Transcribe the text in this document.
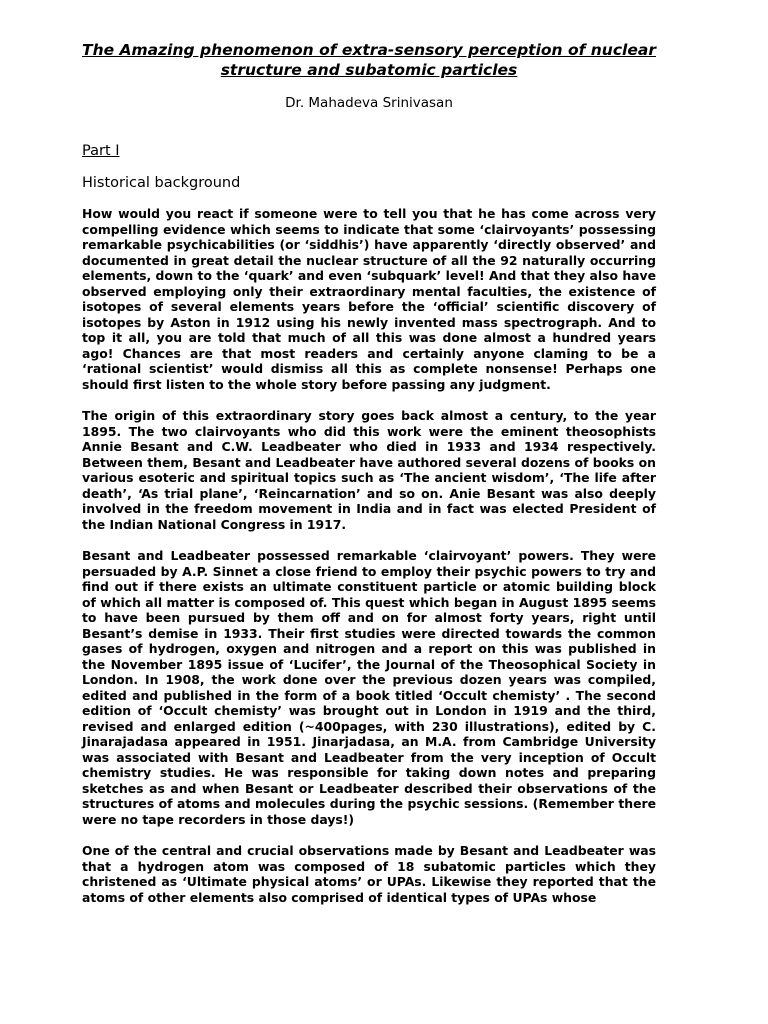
The Amazing phenomenon of extra-sensory perception of nuclear structure and subatomic particles
Dr. Mahadeva Srinivasan
Part I
Historical background

How would you react if someone were to tell you that he has come across very compelling evidence which seems to indicate that some ‘clairvoyants’ possessing remarkable psychicabilities (or ‘siddhis’) have apparently ‘directly observed’ and documented in great detail the nuclear structure of all the 92 naturally occurring elements, down to the ‘quark’ and even ‘subquark’ level! And that they also have observed employing only their extraordinary mental faculties, the existence of isotopes of several elements years before the ‘official’ scientific discovery of isotopes by Aston in 1912 using his newly invented mass spectrograph. And to top it all, you are told that much of all this was done almost a hundred years ago! Chances are that most readers and certainly anyone claming to be a ‘rational scientist’ would dismiss all this as complete nonsense! Perhaps one should first listen to the whole story before passing any judgment.

The origin of this extraordinary story goes back almost a century, to the year 1895. The two clairvoyants who did this work were the eminent theosophists Annie Besant and C.W. Leadbeater who died in 1933 and 1934 respectively. Between them, Besant and Leadbeater have authored several dozens of books on various esoteric and spiritual topics such as ‘The ancient wisdom’, ‘The life after death’, ‘As trial plane’, ‘Reincarnation’ and so on. Anie Besant was also deeply involved in the freedom movement in India and in fact was elected President of the Indian National Congress in 1917.

Besant and Leadbeater possessed remarkable ‘clairvoyant’ powers. They were persuaded by A.P. Sinnet a close friend to employ their psychic powers to try and find out if there exists an ultimate constituent particle or atomic building block of which all matter is composed of. This quest which began in August 1895 seems to have been pursued by them off and on for almost forty years, right until Besant’s demise in 1933. Their first studies were directed towards the common gases of hydrogen, oxygen and nitrogen and a report on this was published in the November 1895 issue of ‘Lucifer’, the Journal of the Theosophical Society in London. In 1908, the work done over the previous dozen years was compiled, edited and published in the form of a book titled ‘Occult chemisty’ . The second edition of ‘Occult chemisty’ was brought out in London in 1919 and the third, revised and enlarged edition (~400pages, with 230 illustrations), edited by C. Jinarajadasa appeared in 1951. Jinarjadasa, an M.A. from Cambridge University was associated with Besant and Leadbeater from the very inception of Occult chemistry studies. He was responsible for taking down notes and preparing sketches as and when Besant or Leadbeater described their observations of the structures of atoms and molecules during the psychic sessions. (Remember there were no tape recorders in those days!)

One of the central and crucial observations made by Besant and Leadbeater was that a hydrogen atom was composed of 18 subatomic particles which they christened as ‘Ultimate physical atoms’ or UPAs. Likewise they reported that the atoms of other elements also comprised of identical types of UPAs whose
